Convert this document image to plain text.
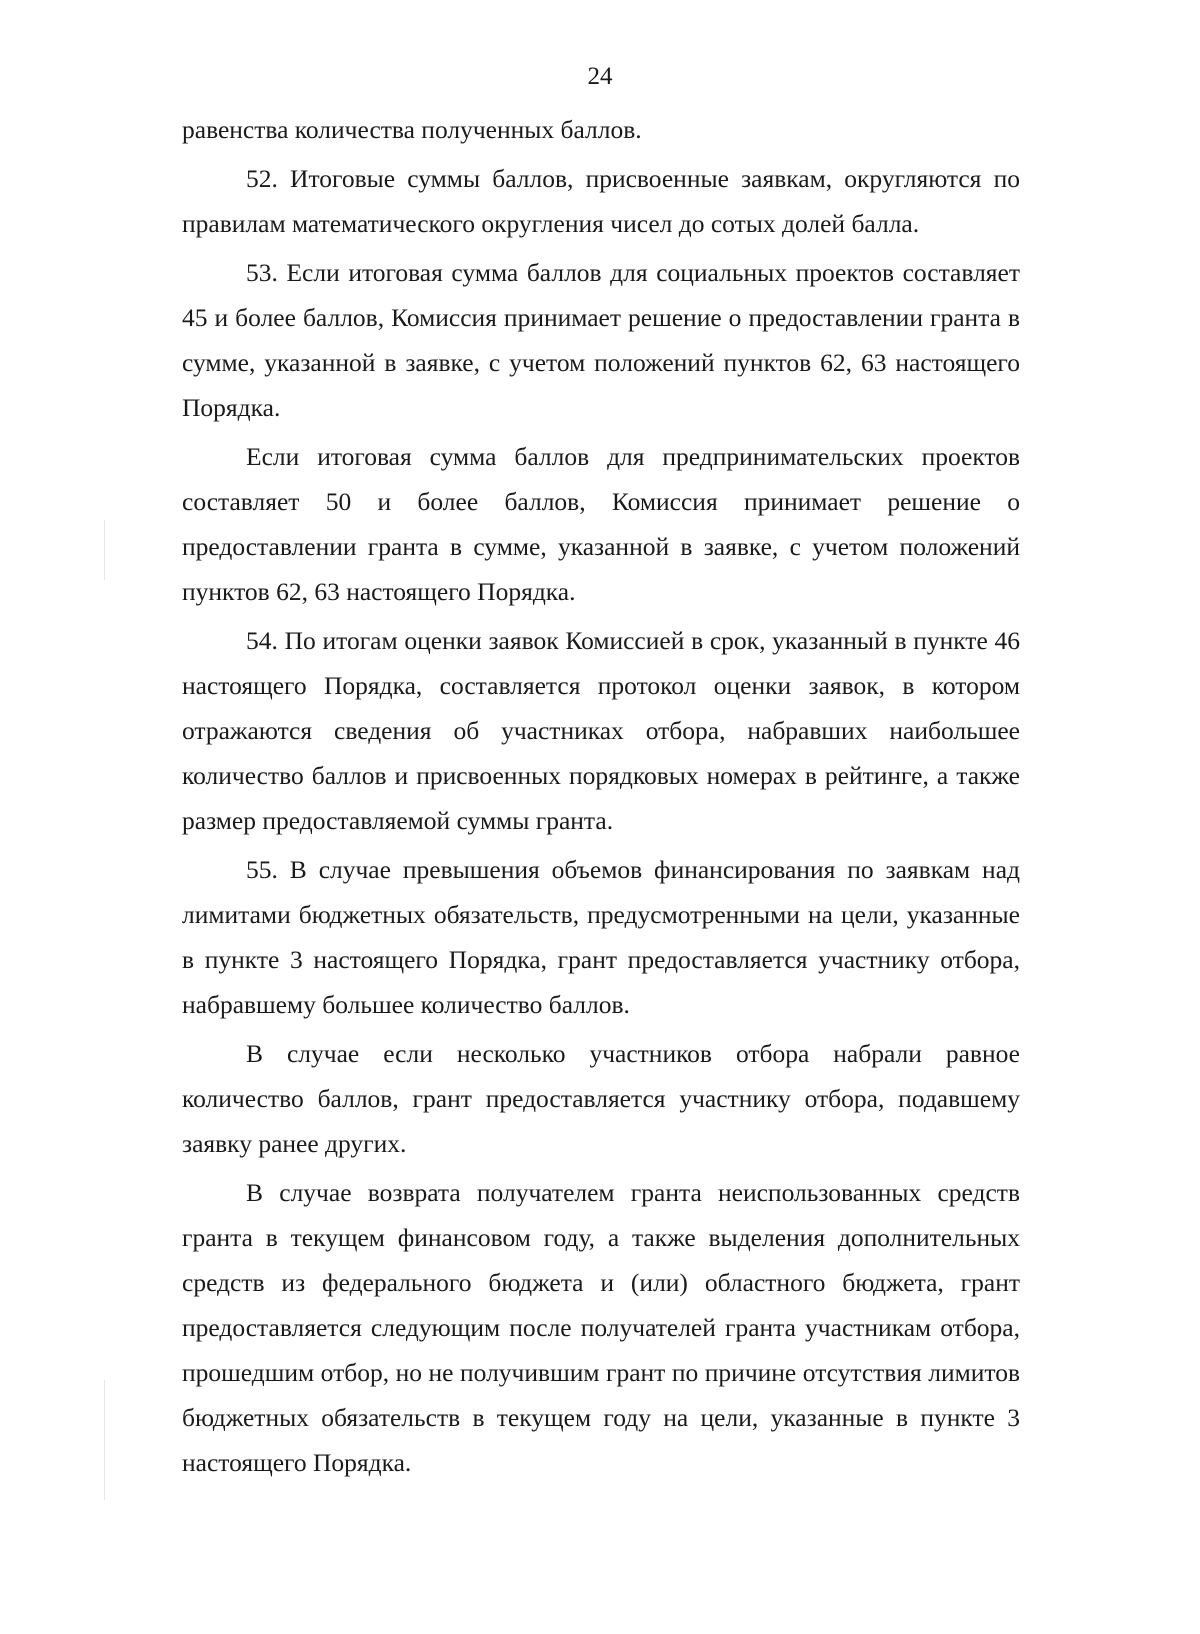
24

равенства количества полученных баллов.

52. Итоговые суммы баллов, присвоенные заявкам, округляются по правилам математического округления чисел до сотых долей балла.

53. Если итоговая сумма баллов для социальных проектов составляет 45 и более баллов, Комиссия принимает решение о предоставлении гранта в сумме, указанной в заявке, с учетом положений пунктов 62, 63 настоящего Порядка.

Если итоговая сумма баллов для предпринимательских проектов составляет 50 и более баллов, Комиссия принимает решение о предоставлении гранта в сумме, указанной в заявке, с учетом положений пунктов 62, 63 настоящего Порядка.

54. По итогам оценки заявок Комиссией в срок, указанный в пункте 46 настоящего Порядка, составляется протокол оценки заявок, в котором отражаются сведения об участниках отбора, набравших наибольшее количество баллов и присвоенных порядковых номерах в рейтинге, а также размер предоставляемой суммы гранта.

55. В случае превышения объемов финансирования по заявкам над лимитами бюджетных обязательств, предусмотренными на цели, указанные в пункте 3 настоящего Порядка, грант предоставляется участнику отбора, набравшему большее количество баллов.

В случае если несколько участников отбора набрали равное количество баллов, грант предоставляется участнику отбора, подавшему заявку ранее других.

В случае возврата получателем гранта неиспользованных средств гранта в текущем финансовом году, а также выделения дополнительных средств из федерального бюджета и (или) областного бюджета, грант предоставляется следующим после получателей гранта участникам отбора, прошедшим отбор, но не получившим грант по причине отсутствия лимитов бюджетных обязательств в текущем году на цели, указанные в пункте 3 настоящего Порядка.
